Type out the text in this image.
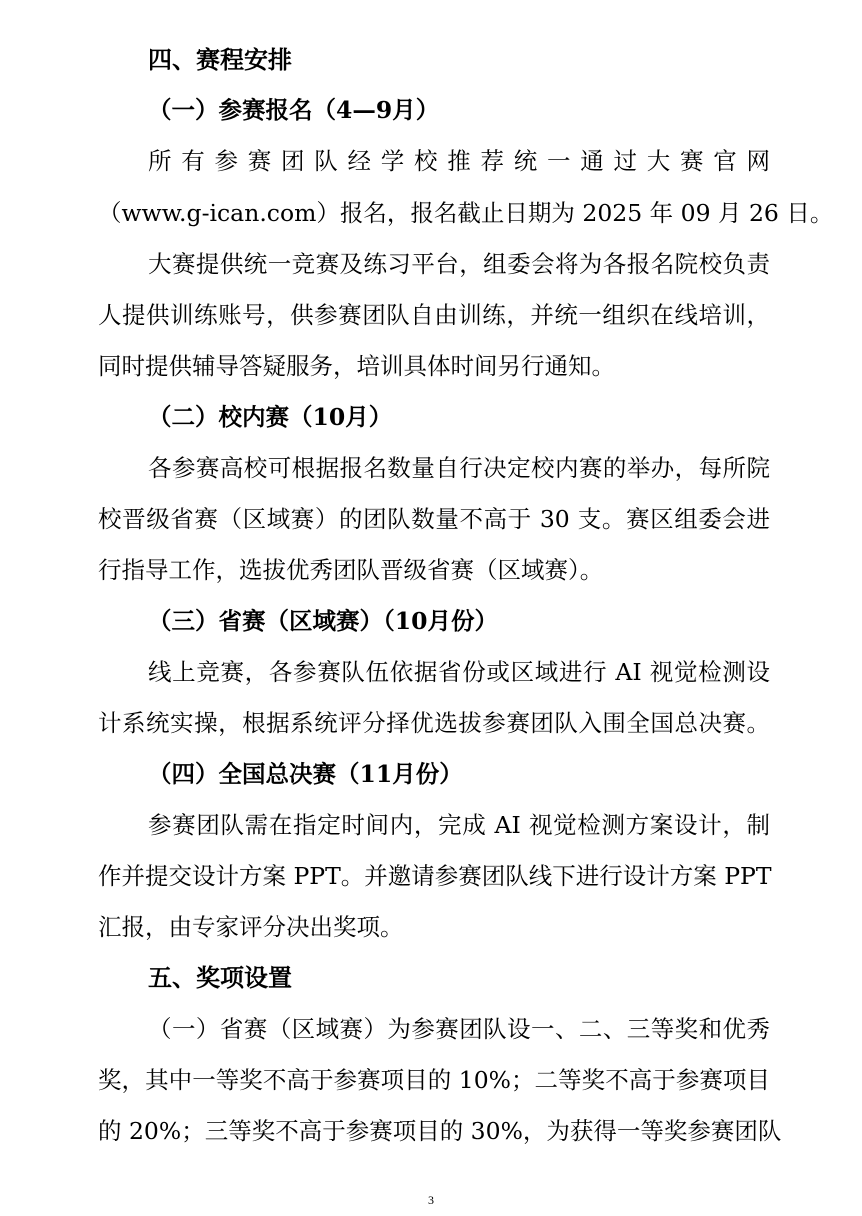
四、赛程安排
（一）参赛报名（4—9月）
所有参赛团队经学校推荐统一通过大赛官网
（www.g-ican.com）报名，报名截止日期为 2025 年 09 月 26 日。
大赛提供统一竞赛及练习平台，组委会将为各报名院校负责
人提供训练账号，供参赛团队自由训练，并统一组织在线培训，
同时提供辅导答疑服务，培训具体时间另行通知。
（二）校内赛（10月）
各参赛高校可根据报名数量自行决定校内赛的举办，每所院
校晋级省赛（区域赛）的团队数量不高于 30 支。赛区组委会进
行指导工作，选拔优秀团队晋级省赛（区域赛）。
（三）省赛（区域赛）（10月份）
线上竞赛，各参赛队伍依据省份或区域进行 AI 视觉检测设
计系统实操，根据系统评分择优选拔参赛团队入围全国总决赛。
（四）全国总决赛（11月份）
参赛团队需在指定时间内，完成 AI 视觉检测方案设计，制
作并提交设计方案 PPT。并邀请参赛团队线下进行设计方案 PPT
汇报，由专家评分决出奖项。
五、奖项设置
（一）省赛（区域赛）为参赛团队设一、二、三等奖和优秀
奖，其中一等奖不高于参赛项目的 10%；二等奖不高于参赛项目
的 20%；三等奖不高于参赛项目的 30%，为获得一等奖参赛团队
3
